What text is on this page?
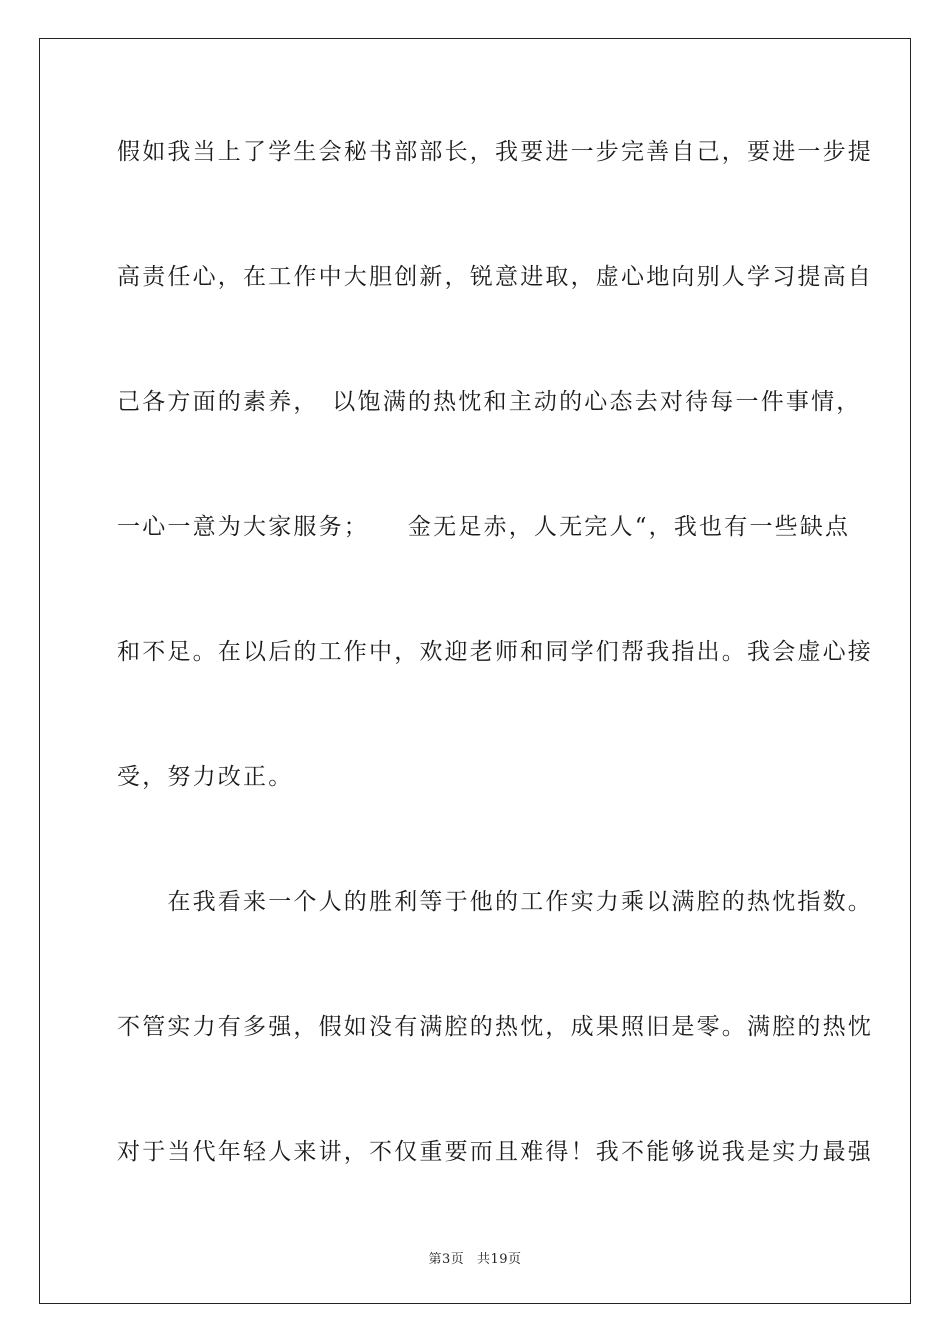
假如我当上了学生会秘书部部长，我要进一步完善自己，要进一步提
高责任心，在工作中大胆创新，锐意进取，虚心地向别人学习提高自
己各方面的素养，　以饱满的热忱和主动的心态去对待每一件事情，
一心一意为大家服务；　　金无足赤，人无完人“，我也有一些缺点
和不足。在以后的工作中，欢迎老师和同学们帮我指出。我会虚心接
受，努力改正。
　　在我看来一个人的胜利等于他的工作实力乘以满腔的热忱指数。
不管实力有多强，假如没有满腔的热忱，成果照旧是零。满腔的热忱
对于当代年轻人来讲，不仅重要而且难得！我不能够说我是实力最强
第3页 共19页
